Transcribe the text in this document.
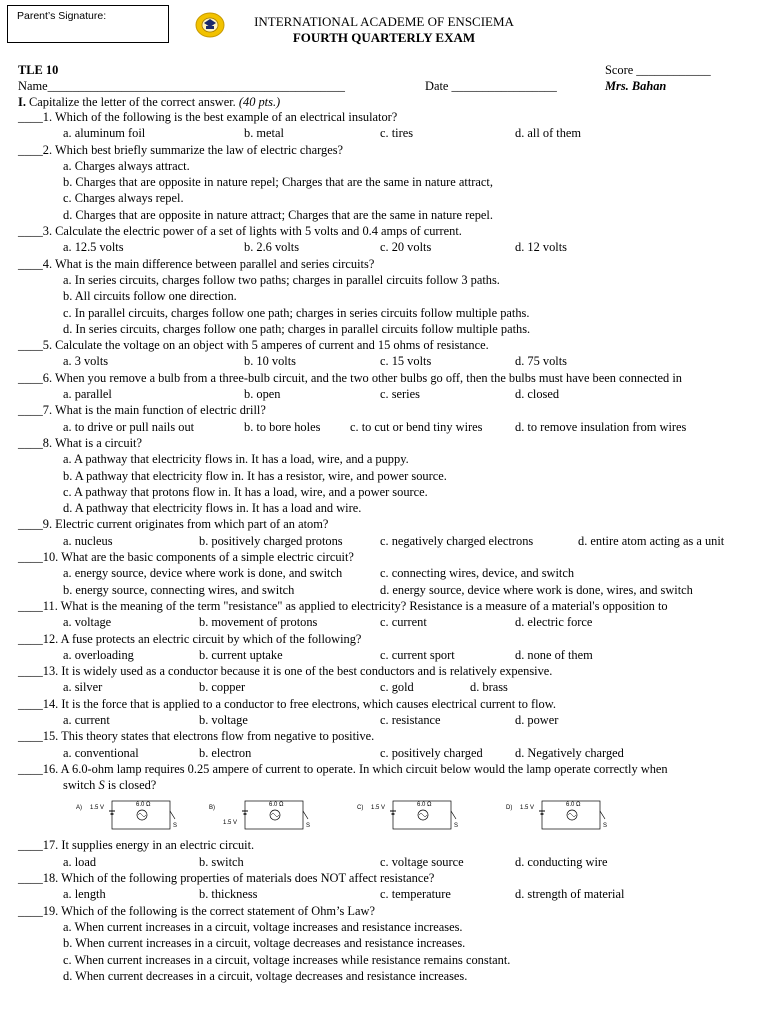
Parent’s Signature:	INTERNATIONAL ACADEME OF ENSCIEMA
FOURTH QUARTERLY EXAM
TLE 10	Score ____________
Name________________________________________________	Date _________________	Mrs. Bahan
I. Capitalize the letter of the correct answer. (40 pts.)
____1. Which of the following is the best example of an electrical insulator?
a. aluminum foil	b. metal	c. tires	d. all of them
____2. Which best briefly summarize the law of electric charges?
a. Charges always attract.
b. Charges that are opposite in nature repel; Charges that are the same in nature attract,
c. Charges always repel.
d. Charges that are opposite in nature attract; Charges that are the same in nature repel.
____3. Calculate the electric power of a set of lights with 5 volts and 0.4 amps of current.
a. 12.5 volts	b. 2.6 volts	c. 20 volts	d. 12 volts
____4. What is the main difference between parallel and series circuits?
a. In series circuits, charges follow two paths; charges in parallel circuits follow 3 paths.
b. All circuits follow one direction.
c. In parallel circuits, charges follow one path; charges in series circuits follow multiple paths.
d. In series circuits, charges follow one path; charges in parallel circuits follow multiple paths.
____5. Calculate the voltage on an object with 5 amperes of current and 15 ohms of resistance.
a. 3 volts	b. 10 volts	c. 15 volts	d. 75 volts
____6. When you remove a bulb from a three-bulb circuit, and the two other bulbs go off, then the bulbs must have been connected in
a. parallel	b. open	c. series	d. closed
____7. What is the main function of electric drill?
a. to drive or pull nails out	b. to bore holes c. to cut or bend tiny wires	d. to remove insulation from wires
____8. What is a circuit?
a. A pathway that electricity flows in. It has a load, wire, and a puppy.
b. A pathway that electricity flow in. It has a resistor, wire, and power source.
c. A pathway that protons flow in. It has a load, wire, and a power source.
d. A pathway that electricity flows in. It has a load and wire.
____9. Electric current originates from which part of an atom?
a. nucleus	b. positively charged protons	c. negatively charged electrons	d. entire atom acting as a unit
____10. What are the basic components of a simple electric circuit?
a. energy source, device where work is done, and switch	c. connecting wires, device, and switch
b. energy source, connecting wires, and switch	d. energy source, device where work is done, wires, and switch
____11. What is the meaning of the term "resistance" as applied to electricity? Resistance is a measure of a material's opposition to
a. voltage	b. movement of protons	c. current	d. electric force
____12. A fuse protects an electric circuit by which of the following?
a. overloading	b. current uptake	c. current sport	d. none of them
____13. It is widely used as a conductor because it is one of the best conductors and is relatively expensive.
a. silver	b. copper	c. gold	d. brass
____14. It is the force that is applied to a conductor to free electrons, which causes electrical current to flow.
a. current	b. voltage	c. resistance	d. power
____15. This theory states that electrons flow from negative to positive.
a. conventional	b. electron	c. positively charged	d. Negatively charged
____16. A 6.0-ohm lamp requires 0.25 ampere of current to operate. In which circuit below would the lamp operate correctly when
switch S is closed?
A) 1.5 V	6.0 Ω
S
B)
1.5 V
6.0 Ω
S
C) 1.5 V	6.0 Ω
S
D) 1.5 V	6.0 Ω
S
____17. It supplies energy in an electric circuit.
a. load	b. switch	c. voltage source	d. conducting wire
____18. Which of the following properties of materials does NOT affect resistance?
a. length	b. thickness	c. temperature	d. strength of material
____19. Which of the following is the correct statement of Ohm’s Law?
a. When current increases in a circuit, voltage increases and resistance increases.
b. When current increases in a circuit, voltage decreases and resistance increases.
c. When current increases in a circuit, voltage increases while resistance remains constant.
d. When current decreases in a circuit, voltage decreases and resistance increases.
